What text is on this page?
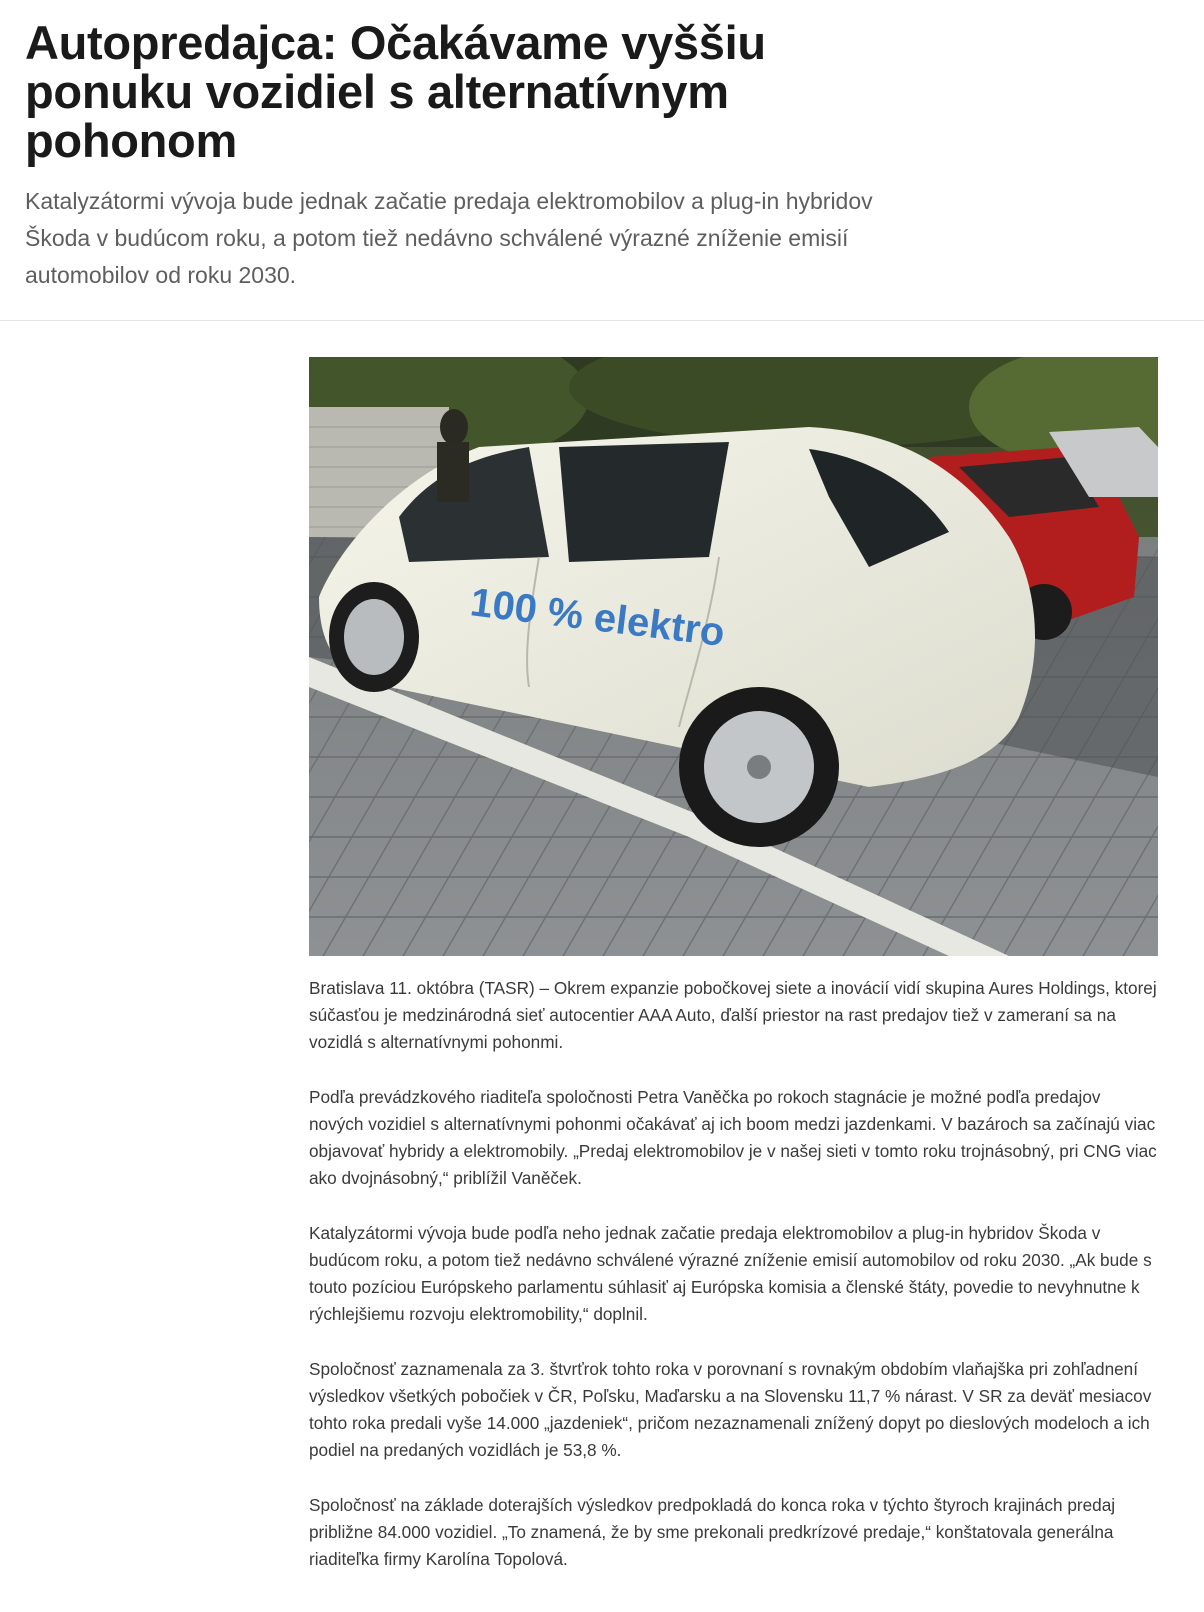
Autopredajca: Očakávame vyššiu ponuku vozidiel s alternatívnym pohonom
Katalyzátormi vývoja bude jednak začatie predaja elektromobilov a plug-in hybridov Škoda v budúcom roku, a potom tiež nedávno schválené výrazné zníženie emisií automobilov od roku 2030.
100 % elektro

Bratislava 11. októbra (TASR) – Okrem expanzie pobočkovej siete a inovácií vidí skupina Aures Holdings, ktorej súčasťou je medzinárodná sieť autocentier AAA Auto, ďalší priestor na rast predajov tiež v zameraní sa na vozidlá s alternatívnymi pohonmi.

Podľa prevádzkového riaditeľa spoločnosti Petra Vaněčka po rokoch stagnácie je možné podľa predajov nových vozidiel s alternatívnymi pohonmi očakávať aj ich boom medzi jazdenkami. V bazároch sa začínajú viac objavovať hybridy a elektromobily. „Predaj elektromobilov je v našej sieti v tomto roku trojnásobný, pri CNG viac ako dvojnásobný,“ priblížil Vaněček.

Katalyzátormi vývoja bude podľa neho jednak začatie predaja elektromobilov a plug-in hybridov Škoda v budúcom roku, a potom tiež nedávno schválené výrazné zníženie emisií automobilov od roku 2030. „Ak bude s touto pozíciou Európskeho parlamentu súhlasiť aj Európska komisia a členské štáty, povedie to nevyhnutne k rýchlejšiemu rozvoju elektromobility,“ doplnil.

Spoločnosť zaznamenala za 3. štvrťrok tohto roka v porovnaní s rovnakým obdobím vlaňajška pri zohľadnení výsledkov všetkých pobočiek v ČR, Poľsku, Maďarsku a na Slovensku 11,7 % nárast. V SR za deväť mesiacov tohto roka predali vyše 14.000 „jazdeniek“, pričom nezaznamenali znížený dopyt po dieslových modeloch a ich podiel na predaných vozidlách je 53,8 %.

Spoločnosť na základe doterajších výsledkov predpokladá do konca roka v týchto štyroch krajinách predaj približne 84.000 vozidiel. „To znamená, že by sme prekonali predkrízové predaje,“ konštatovala generálna riaditeľka firmy Karolína Topolová.
